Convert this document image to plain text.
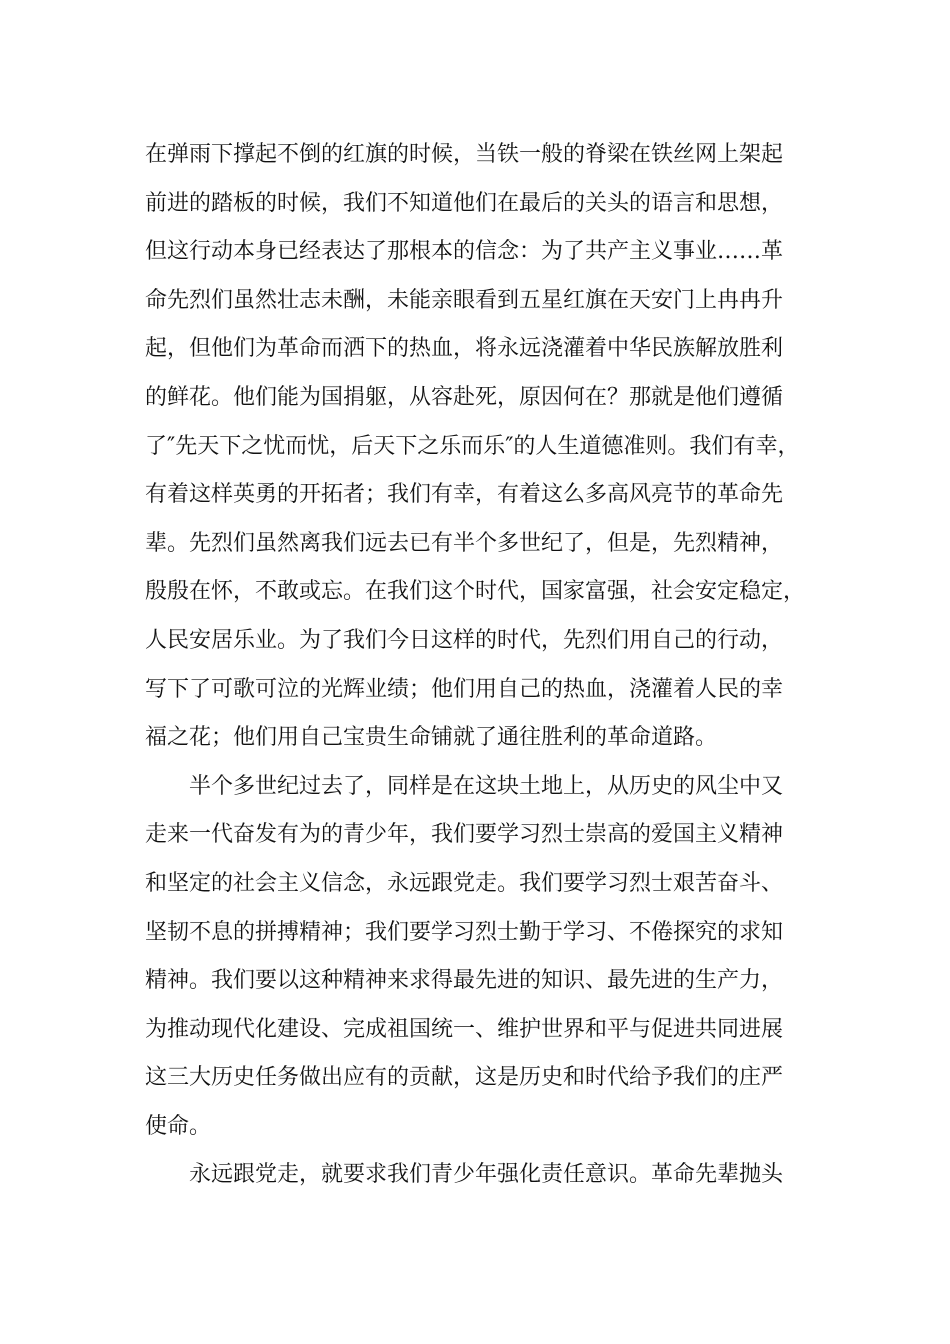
在弹雨下撑起不倒的红旗的时候，当铁一般的脊梁在铁丝网上架起
前进的踏板的时候，我们不知道他们在最后的关头的语言和思想，
但这行动本身已经表达了那根本的信念：为了共产主义事业……革
命先烈们虽然壮志未酬，未能亲眼看到五星红旗在天安门上冉冉升
起，但他们为革命而洒下的热血，将永远浇灌着中华民族解放胜利
的鲜花。他们能为国捐躯，从容赴死，原因何在？那就是他们遵循
了″先天下之忧而忧，后天下之乐而乐″的人生道德准则。我们有幸，
有着这样英勇的开拓者；我们有幸，有着这么多高风亮节的革命先
辈。先烈们虽然离我们远去已有半个多世纪了，但是，先烈精神，
殷殷在怀，不敢或忘。在我们这个时代，国家富强，社会安定稳定，
人民安居乐业。为了我们今日这样的时代，先烈们用自己的行动，
写下了可歌可泣的光辉业绩；他们用自己的热血，浇灌着人民的幸
福之花；他们用自己宝贵生命铺就了通往胜利的革命道路。
半个多世纪过去了，同样是在这块土地上，从历史的风尘中又
走来一代奋发有为的青少年，我们要学习烈士崇高的爱国主义精神
和坚定的社会主义信念，永远跟党走。我们要学习烈士艰苦奋斗、
坚韧不息的拼搏精神；我们要学习烈士勤于学习、不倦探究的求知
精神。我们要以这种精神来求得最先进的知识、最先进的生产力，
为推动现代化建设、完成祖国统一、维护世界和平与促进共同进展
这三大历史任务做出应有的贡献，这是历史和时代给予我们的庄严
使命。
永远跟党走，就要求我们青少年强化责任意识。革命先辈抛头
